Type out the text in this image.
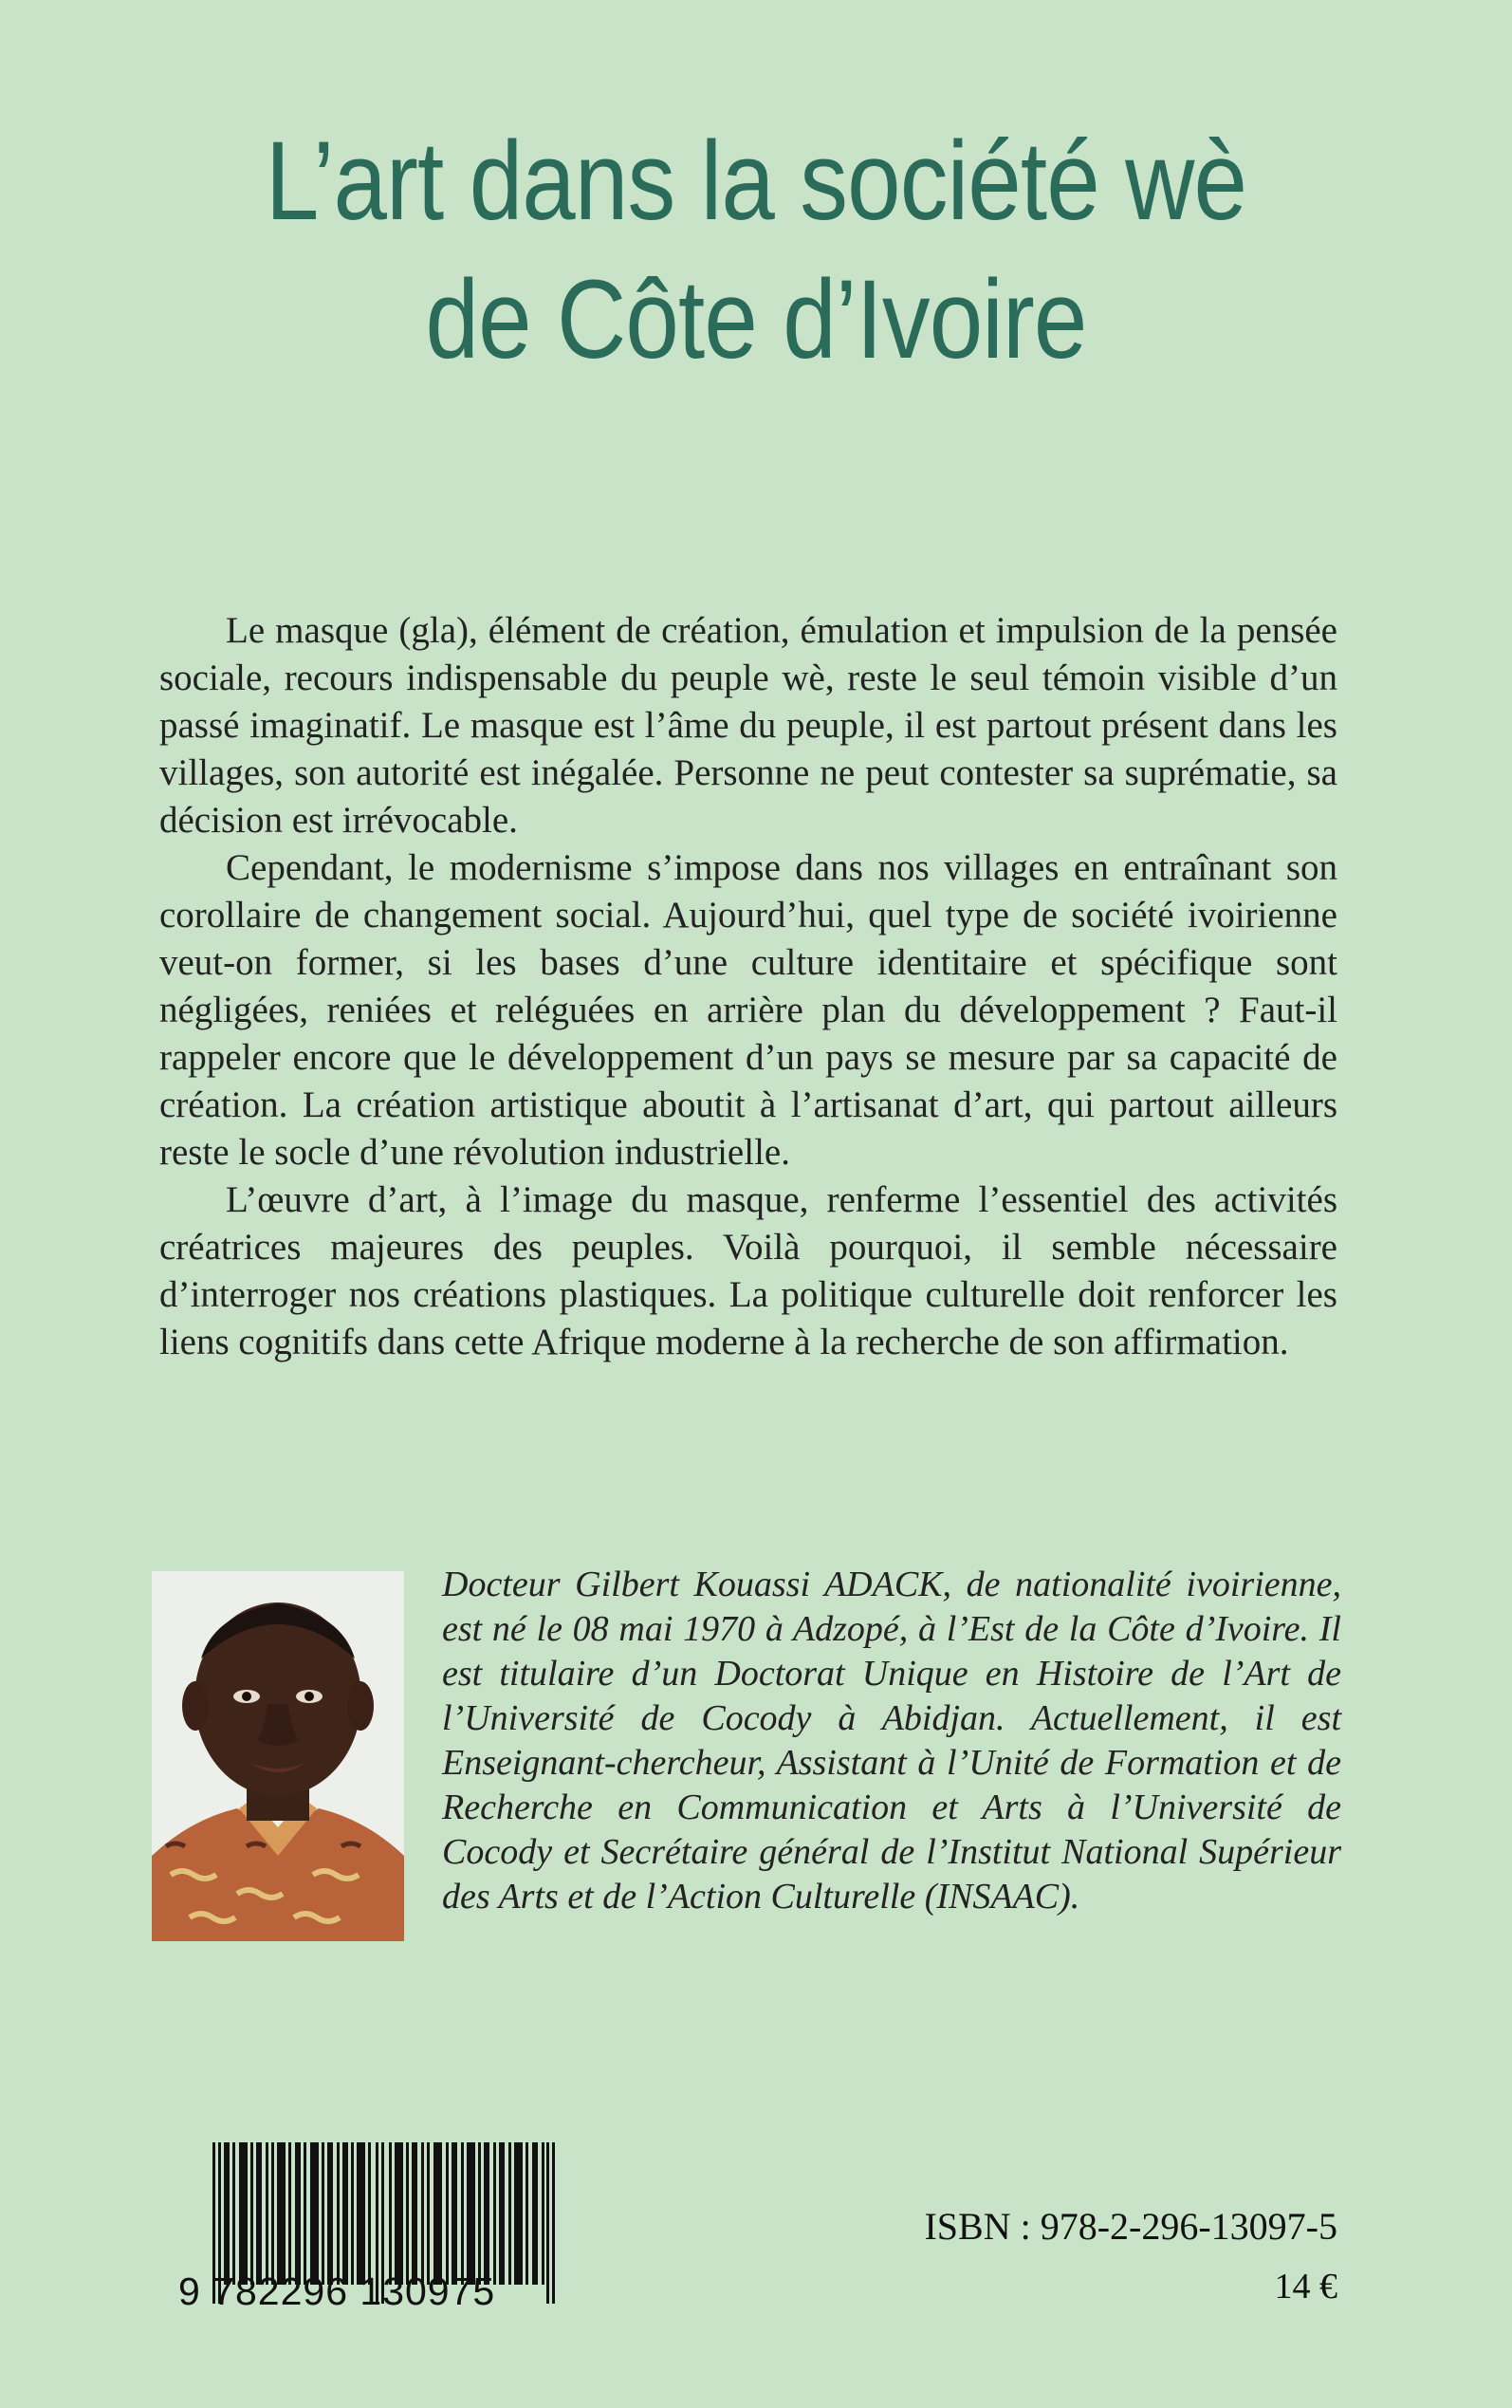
L’art dans la société wè
de Côte d’Ivoire

Le masque (gla), élément de création, émulation et impulsion de la pensée sociale, recours indispensable du peuple wè, reste le seul témoin visible d’un passé imaginatif. Le masque est l’âme du peuple, il est partout présent dans les villages, son autorité est inégalée. Personne ne peut contester sa suprématie, sa décision est irrévocable.

Cependant, le modernisme s’impose dans nos villages en entraînant son corollaire de changement social. Aujourd’hui, quel type de société ivoirienne veut-on former, si les bases d’une culture identitaire et spécifique sont négligées, reniées et reléguées en arrière plan du développement ? Faut-il rappeler encore que le développement d’un pays se mesure par sa capacité de création. La création artistique aboutit à l’artisanat d’art, qui partout ailleurs reste le socle d’une révolution industrielle.

L’œuvre d’art, à l’image du masque, renferme l’essentiel des activités créatrices majeures des peuples. Voilà pourquoi, il semble nécessaire d’interroger nos créations plastiques. La politique culturelle doit renforcer les liens cognitifs dans cette Afrique moderne à la recherche de son affirmation.

Docteur Gilbert Kouassi ADACK, de nationalité ivoirienne, est né le 08 mai 1970 à Adzopé, à l’Est de la Côte d’Ivoire. Il est titulaire d’un Doctorat Unique en Histoire de l’Art de l’Université de Cocody à Abidjan. Actuellement, il est Enseignant-chercheur, Assistant à l’Unité de Formation et de Recherche en Communication et Arts à l’Université de Cocody et Secrétaire général de l’Institut National Supérieur des Arts et de l’Action Culturelle (INSAAC).
9 782296 130975
ISBN : 978-2-296-13097-5
14 €
